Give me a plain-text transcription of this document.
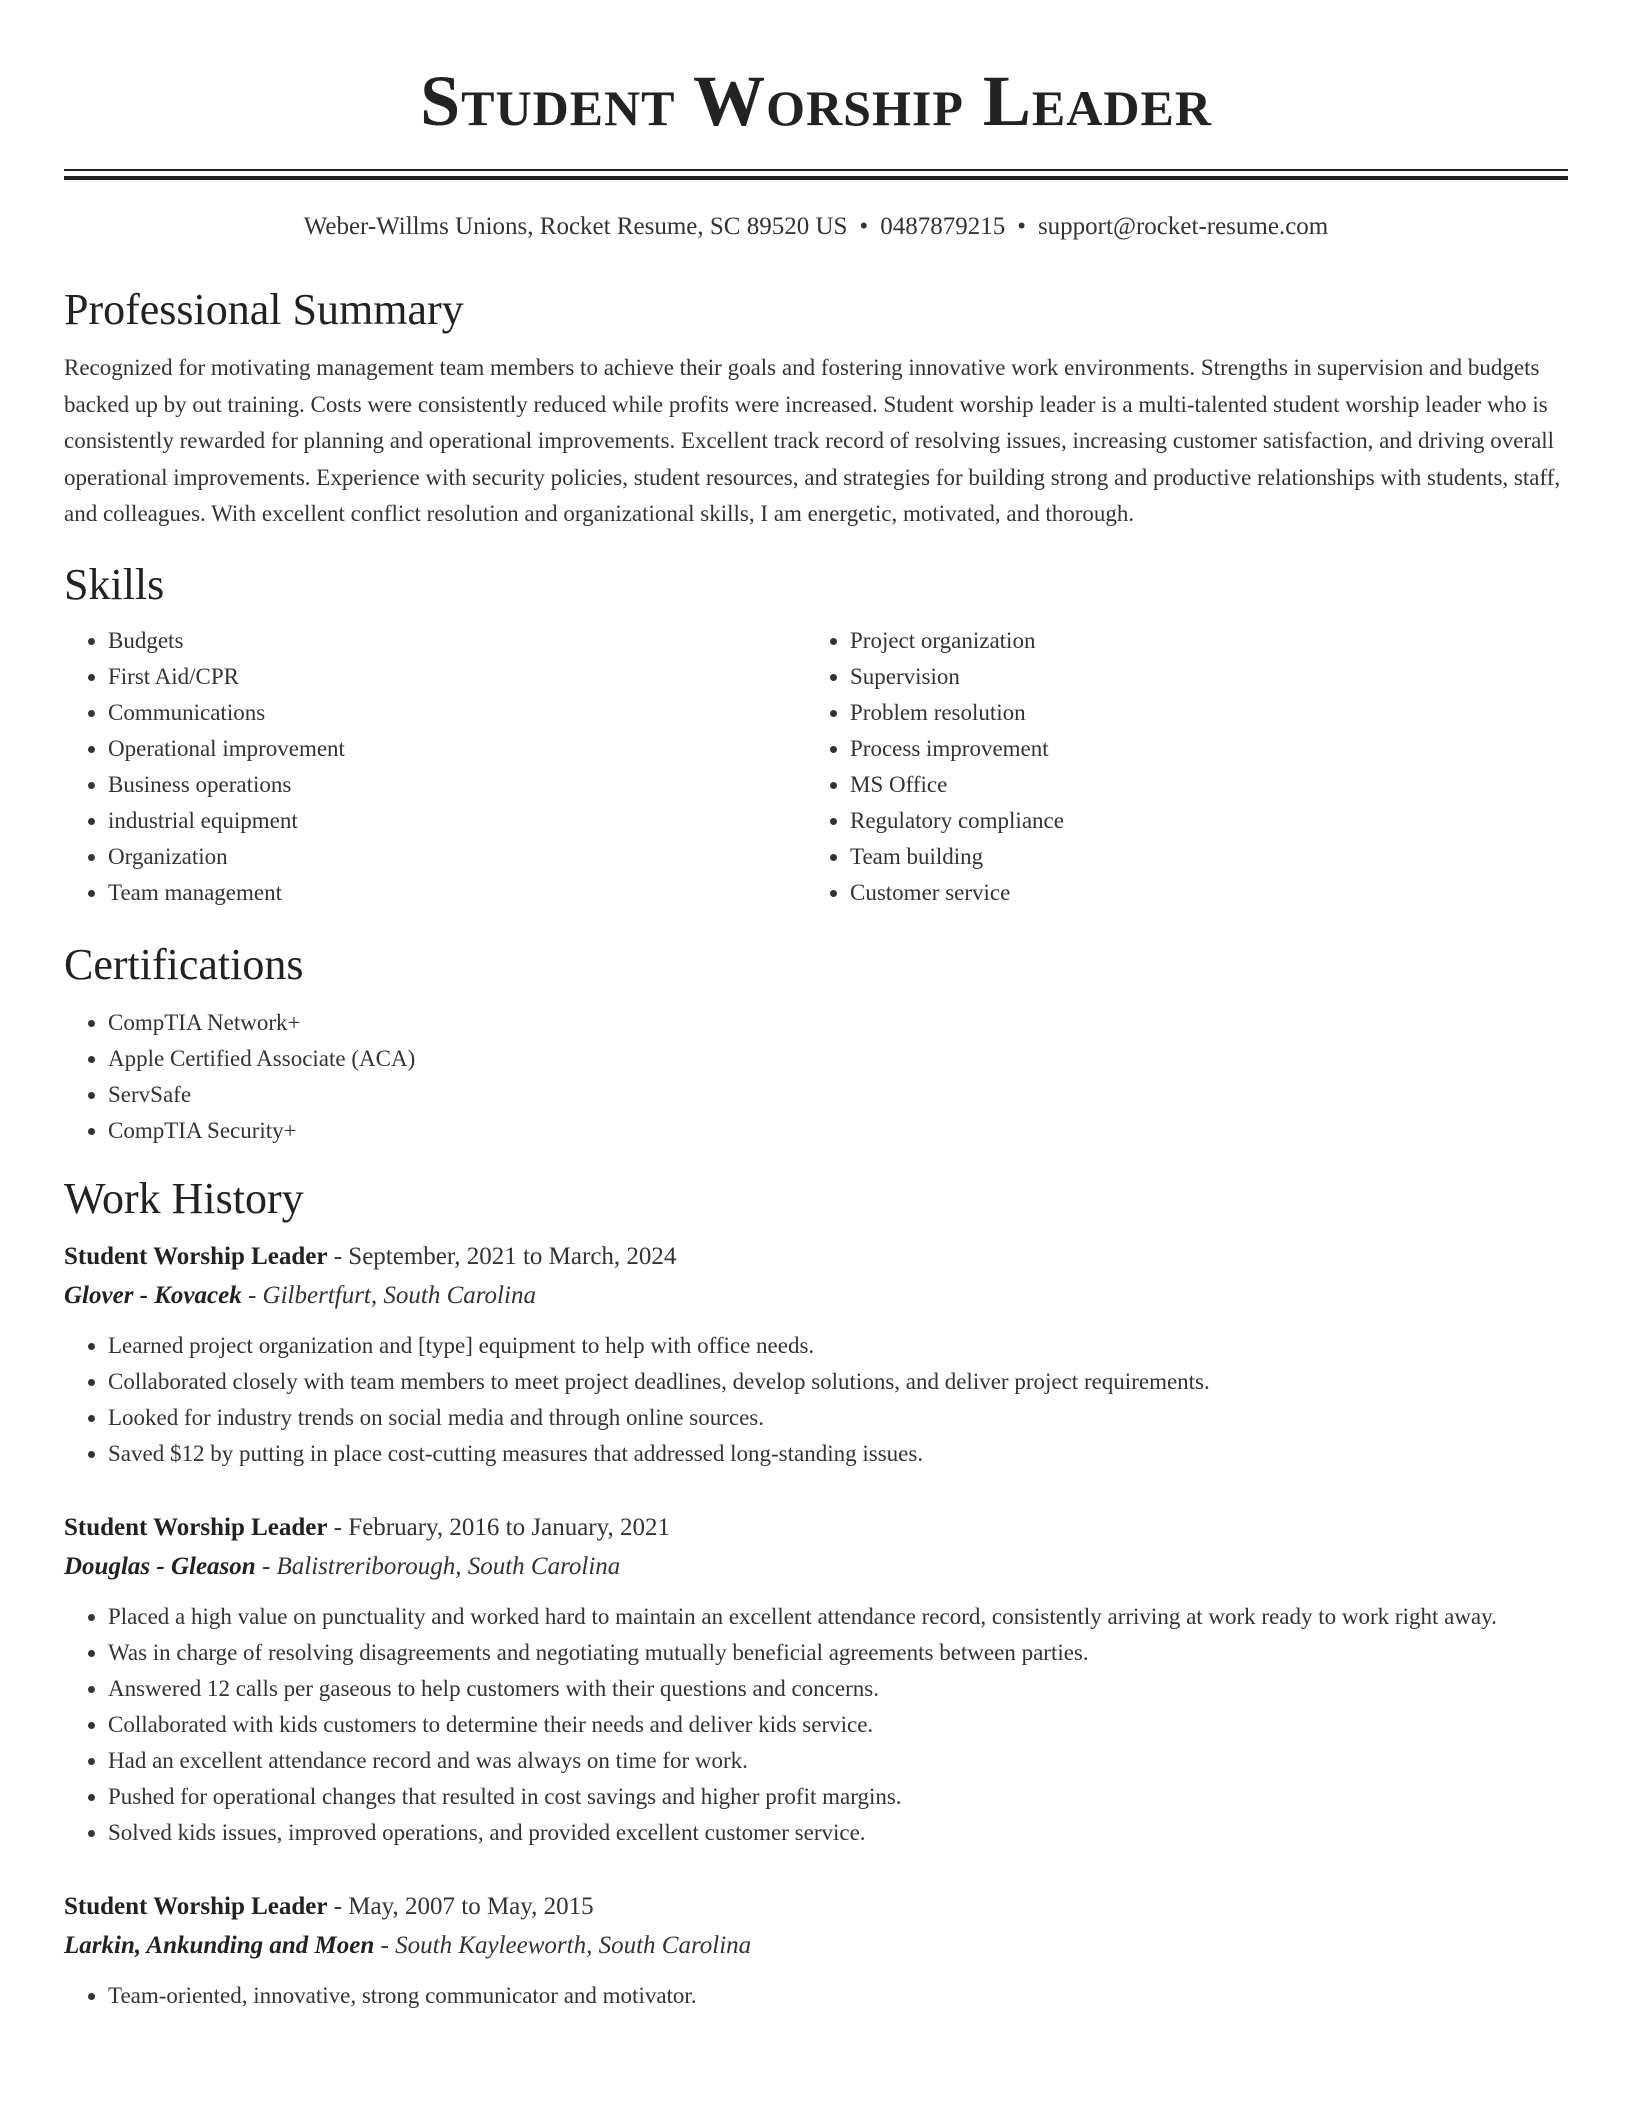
Student Worship Leader
Weber-Willms Unions, Rocket Resume, SC 89520 US • 0487879215 • support@rocket-resume.com
Professional Summary

Recognized for motivating management team members to achieve their goals and fostering innovative work environments. Strengths in supervision and budgets backed up by out training. Costs were consistently reduced while profits were increased. Student worship leader is a multi-talented student worship leader who is consistently rewarded for planning and operational improvements. Excellent track record of resolving issues, increasing customer satisfaction, and driving overall operational improvements. Experience with security policies, student resources, and strategies for building strong and productive relationships with students, staff, and colleagues. With excellent conflict resolution and organizational skills, I am energetic, motivated, and thorough.

Skills
• Budgets
• First Aid/CPR
• Communications
• Operational improvement
• Business operations
• industrial equipment
• Organization
• Team management
• Project organization
• Supervision
• Problem resolution
• Process improvement
• MS Office
• Regulatory compliance
• Team building
• Customer service
Certifications
• CompTIA Network+
• Apple Certified Associate (ACA)
• ServSafe
• CompTIA Security+
Work History
Student Worship Leader - September, 2021 to March, 2024
Glover - Kovacek - Gilbertfurt, South Carolina
• Learned project organization and [type] equipment to help with office needs.
• Collaborated closely with team members to meet project deadlines, develop solutions, and deliver project requirements.
• Looked for industry trends on social media and through online sources.
• Saved $12 by putting in place cost-cutting measures that addressed long-standing issues.
Student Worship Leader - February, 2016 to January, 2021
Douglas - Gleason - Balistreriborough, South Carolina
• Placed a high value on punctuality and worked hard to maintain an excellent attendance record, consistently arriving at work ready to work right away.
• Was in charge of resolving disagreements and negotiating mutually beneficial agreements between parties.
• Answered 12 calls per gaseous to help customers with their questions and concerns.
• Collaborated with kids customers to determine their needs and deliver kids service.
• Had an excellent attendance record and was always on time for work.
• Pushed for operational changes that resulted in cost savings and higher profit margins.
• Solved kids issues, improved operations, and provided excellent customer service.
Student Worship Leader - May, 2007 to May, 2015
Larkin, Ankunding and Moen - South Kayleeworth, South Carolina
• Team-oriented, innovative, strong communicator and motivator.
